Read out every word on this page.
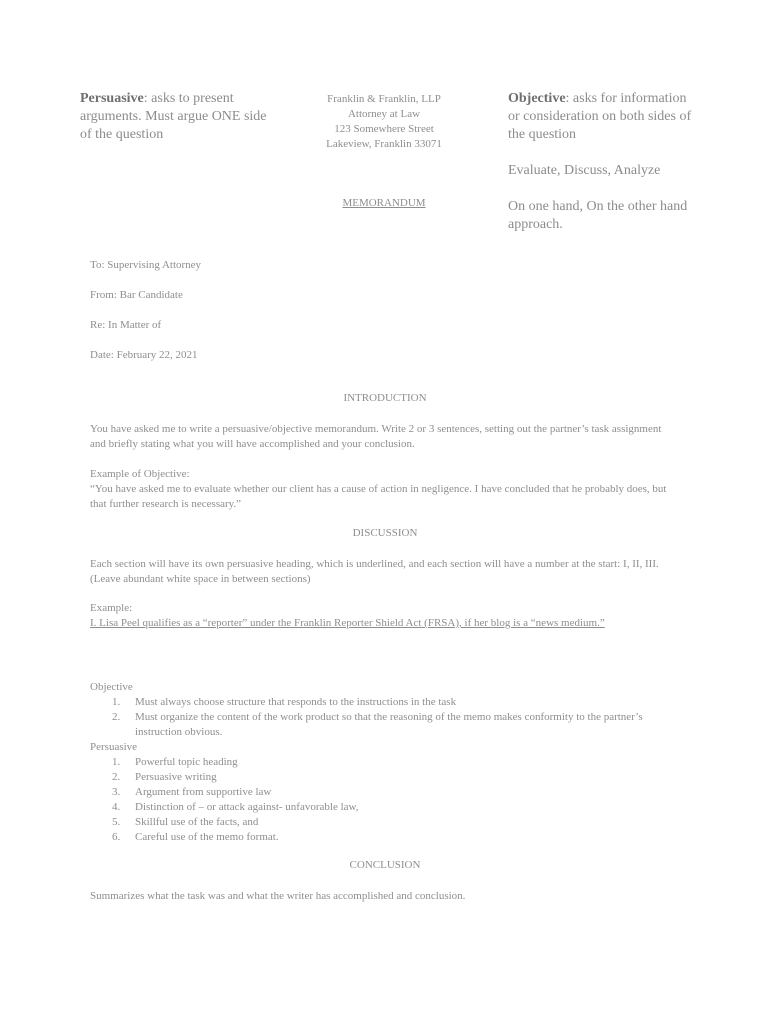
Persuasive: asks to present arguments. Must argue ONE side of the question
Franklin & Franklin, LLP
Attorney at Law
123 Somewhere Street
Lakeview, Franklin 33071
MEMORANDUM
Objective: asks for information or consideration on both sides of the question
Evaluate, Discuss, Analyze
On one hand, On the other hand approach.
To: Supervising Attorney
From: Bar Candidate
Re: In Matter of
Date: February 22, 2021
INTRODUCTION
You have asked me to write a persuasive/objective memorandum. Write 2 or 3 sentences, setting out the partner’s task assignment and briefly stating what you will have accomplished and your conclusion.
Example of Objective:
“You have asked me to evaluate whether our client has a cause of action in negligence. I have concluded that he probably does, but that further research is necessary.”
DISCUSSION
Each section will have its own persuasive heading, which is underlined, and each section will have a number at the start: I, II, III. (Leave abundant white space in between sections)
Example:
I. Lisa Peel qualifies as a “reporter” under the Franklin Reporter Shield Act (FRSA), if her blog is a “news medium.”
Objective
1. Must always choose structure that responds to the instructions in the task
2. Must organize the content of the work product so that the reasoning of the memo makes conformity to the partner’s instruction obvious.
Persuasive
1. Powerful topic heading
2. Persuasive writing
3. Argument from supportive law
4. Distinction of – or attack against- unfavorable law,
5. Skillful use of the facts, and
6. Careful use of the memo format.
CONCLUSION
Summarizes what the task was and what the writer has accomplished and conclusion.
